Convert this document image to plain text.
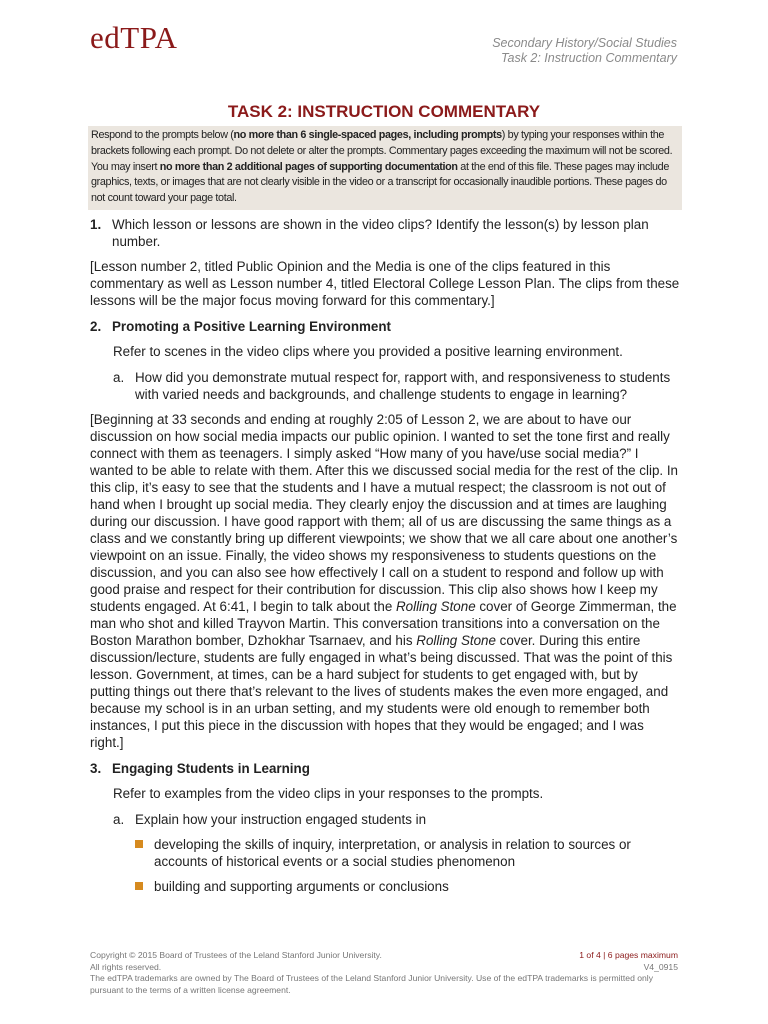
edTPA	Secondary History/Social Studies
Task 2: Instruction Commentary
TASK 2: INSTRUCTION COMMENTARY
Respond to the prompts below (no more than 6 single-spaced pages, including prompts) by typing your responses within the brackets following each prompt. Do not delete or alter the prompts. Commentary pages exceeding the maximum will not be scored. You may insert no more than 2 additional pages of supporting documentation at the end of this file. These pages may include graphics, texts, or images that are not clearly visible in the video or a transcript for occasionally inaudible portions. These pages do not count toward your page total.
1. Which lesson or lessons are shown in the video clips? Identify the lesson(s) by lesson plan number.

[Lesson number 2, titled Public Opinion and the Media is one of the clips featured in this commentary as well as Lesson number 4, titled Electoral College Lesson Plan. The clips from these lessons will be the major focus moving forward for this commentary.]

2. Promoting a Positive Learning Environment

Refer to scenes in the video clips where you provided a positive learning environment.

a. How did you demonstrate mutual respect for, rapport with, and responsiveness to students with varied needs and backgrounds, and challenge students to engage in learning?

[Beginning at 33 seconds and ending at roughly 2:05 of Lesson 2, we are about to have our discussion on how social media impacts our public opinion. I wanted to set the tone first and really connect with them as teenagers. I simply asked “How many of you have/use social media?” I wanted to be able to relate with them. After this we discussed social media for the rest of the clip. In this clip, it’s easy to see that the students and I have a mutual respect; the classroom is not out of hand when I brought up social media. They clearly enjoy the discussion and at times are laughing during our discussion. I have good rapport with them; all of us are discussing the same things as a class and we constantly bring up different viewpoints; we show that we all care about one another’s viewpoint on an issue. Finally, the video shows my responsiveness to students questions on the discussion, and you can also see how effectively I call on a student to respond and follow up with good praise and respect for their contribution for discussion. This clip also shows how I keep my students engaged. At 6:41, I begin to talk about the Rolling Stone cover of George Zimmerman, the man who shot and killed Trayvon Martin. This conversation transitions into a conversation on the Boston Marathon bomber, Dzhokhar Tsarnaev, and his Rolling Stone cover. During this entire discussion/lecture, students are fully engaged in what’s being discussed. That was the point of this lesson. Government, at times, can be a hard subject for students to get engaged with, but by putting things out there that’s relevant to the lives of students makes the even more engaged, and because my school is in an urban setting, and my students were old enough to remember both instances, I put this piece in the discussion with hopes that they would be engaged; and I was right.]

3. Engaging Students in Learning

Refer to examples from the video clips in your responses to the prompts.

a. Explain how your instruction engaged students in
developing the skills of inquiry, interpretation, or analysis in relation to sources or accounts of historical events or a social studies phenomenon
building and supporting arguments or conclusions
Copyright © 2015 Board of Trustees of the Leland Stanford Junior University.
All rights reserved.
The edTPA trademarks are owned by The Board of Trustees of the Leland Stanford Junior University. Use of the edTPA trademarks is permitted only pursuant to the terms of a written license agreement.
1 of 4 | 6 pages maximum
V4_0915
